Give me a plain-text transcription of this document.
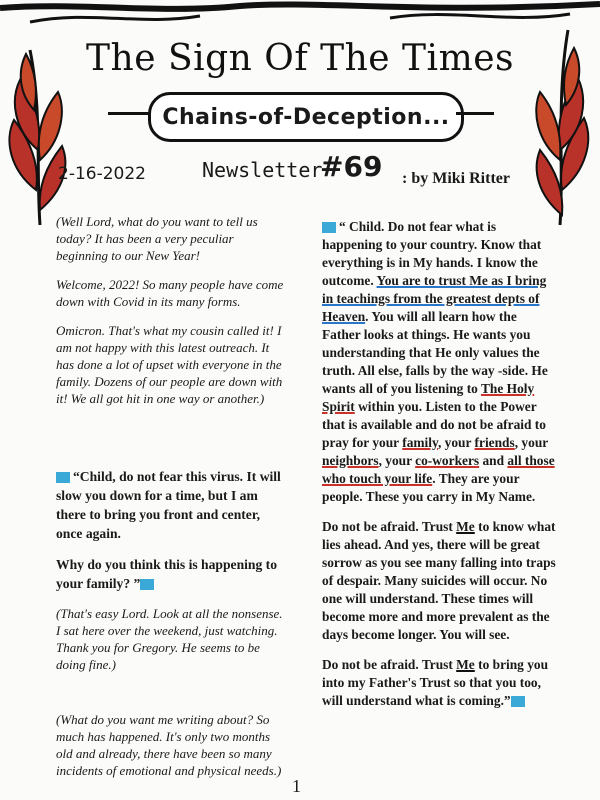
The Sign Of The Times
Chains-of-Deception...
2-16-2022	Newsletter
#69 : by Miki Ritter

(Well Lord, what do you want to tell us today? It has been a very peculiar beginning to our New Year!

Welcome, 2022! So many people have come down with Covid in its many forms.

Omicron. That's what my cousin called it! I am not happy with this latest outreach. It has done a lot of upset with everyone in the family. Dozens of our people are down with it! We all got hit in one way or another.)

“Child, do not fear this virus. It will slow you down for a time, but I am there to bring you front and center, once again.

Why do you think this is happening to your family? ”

(That's easy Lord. Look at all the nonsense. I sat here over the weekend, just watching. Thank you for Gregory. He seems to be doing fine.)

(What do you want me writing about? So much has happened. It's only two months old and already, there have been so many incidents of emotional and physical needs.)

“ Child. Do not fear what is happening to your country. Know that everything is in My hands. I know the outcome. You are to trust Me as I bring in teachings from the greatest depts of Heaven. You will all learn how the Father looks at things. He wants you understanding that He only values the truth. All else, falls by the way -side. He wants all of you listening to The Holy Spirit within you. Listen to the Power that is available and do not be afraid to pray for your family, your friends, your neighbors, your co-workers and all those who touch your life. They are your people. These you carry in My Name.

Do not be afraid. Trust Me to know what lies ahead. And yes, there will be great sorrow as you see many falling into traps of despair. Many suicides will occur. No one will understand. These times will become more and more prevalent as the days become longer. You will see.

Do not be afraid. Trust Me to bring you into my Father's Trust so that you too, will understand what is coming.”

1
